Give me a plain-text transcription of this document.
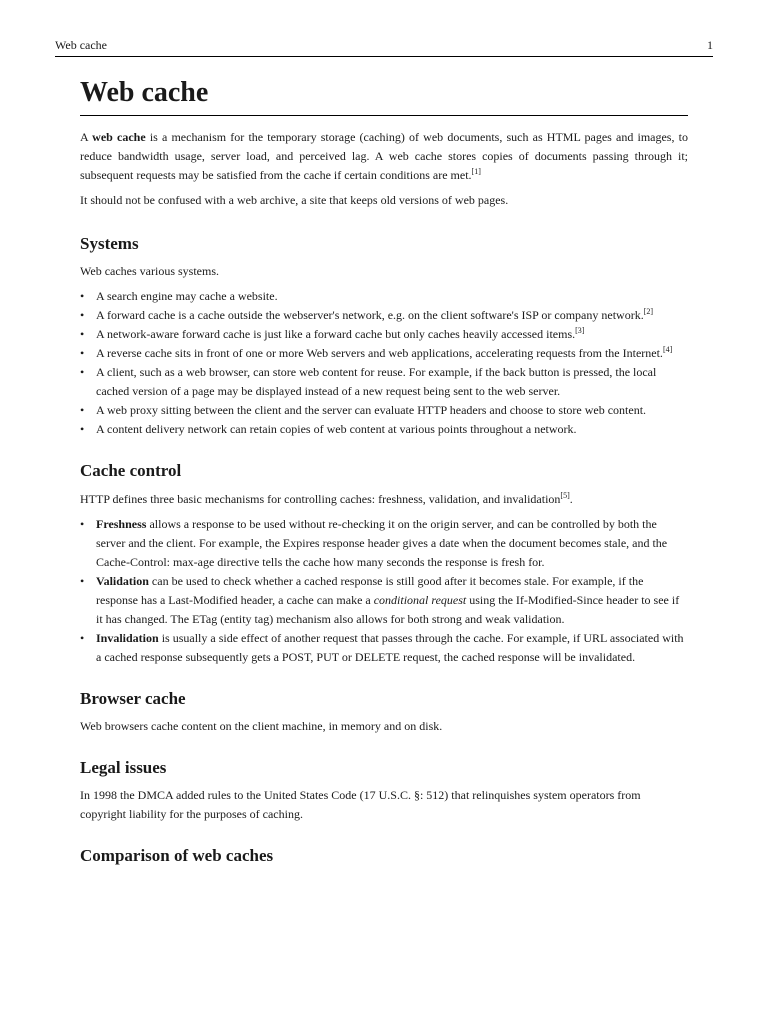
Web cache	1
Web cache

A web cache is a mechanism for the temporary storage (caching) of web documents, such as HTML pages and images, to reduce bandwidth usage, server load, and perceived lag. A web cache stores copies of documents passing through it; subsequent requests may be satisfied from the cache if certain conditions are met.[1]

It should not be confused with a web archive, a site that keeps old versions of web pages.

Systems

Web caches various systems.

• A search engine may cache a website.
• A forward cache is a cache outside the webserver's network, e.g. on the client software's ISP or company network.[2]
• A network-aware forward cache is just like a forward cache but only caches heavily accessed items.[3]
• A reverse cache sits in front of one or more Web servers and web applications, accelerating requests from the Internet.[4]
• A client, such as a web browser, can store web content for reuse. For example, if the back button is pressed, the local cached version of a page may be displayed instead of a new request being sent to the web server.
• A web proxy sitting between the client and the server can evaluate HTTP headers and choose to store web content.
• A content delivery network can retain copies of web content at various points throughout a network.
Cache control

HTTP defines three basic mechanisms for controlling caches: freshness, validation, and invalidation[5].

• Freshness allows a response to be used without re-checking it on the origin server, and can be controlled by both the server and the client. For example, the Expires response header gives a date when the document becomes stale, and the Cache-Control: max-age directive tells the cache how many seconds the response is fresh for.
• Validation can be used to check whether a cached response is still good after it becomes stale. For example, if the response has a Last-Modified header, a cache can make a conditional request using the If-Modified-Since header to see if it has changed. The ETag (entity tag) mechanism also allows for both strong and weak validation.
• Invalidation is usually a side effect of another request that passes through the cache. For example, if URL associated with a cached response subsequently gets a POST, PUT or DELETE request, the cached response will be invalidated.
Browser cache

Web browsers cache content on the client machine, in memory and on disk.

Legal issues

In 1998 the DMCA added rules to the United States Code (17 U.S.C. §: 512) that relinquishes system operators from copyright liability for the purposes of caching.

Comparison of web caches
